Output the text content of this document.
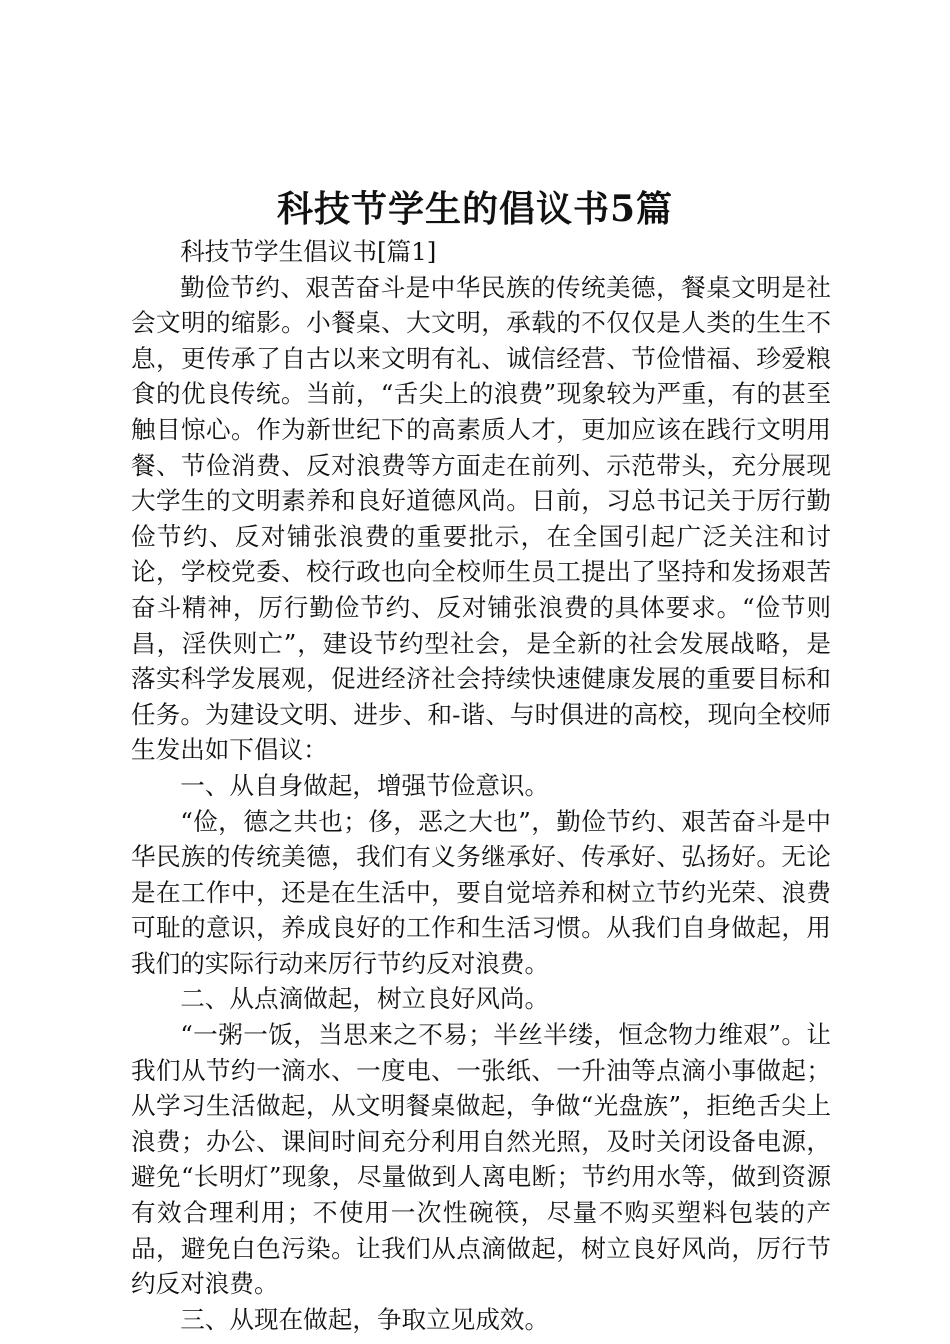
科技节学生的倡议书5篇

科技节学生倡议书[篇1]

勤俭节约、艰苦奋斗是中华民族的传统美德，餐桌文明是社会文明的缩影。小餐桌、大文明，承载的不仅仅是人类的生生不息，更传承了自古以来文明有礼、诚信经营、节俭惜福、珍爱粮食的优良传统。当前，“舌尖上的浪费”现象较为严重，有的甚至触目惊心。作为新世纪下的高素质人才，更加应该在践行文明用餐、节俭消费、反对浪费等方面走在前列、示范带头，充分展现大学生的文明素养和良好道德风尚。日前，习总书记关于厉行勤俭节约、反对铺张浪费的重要批示，在全国引起广泛关注和讨论，学校党委、校行政也向全校师生员工提出了坚持和发扬艰苦奋斗精神，厉行勤俭节约、反对铺张浪费的具体要求。“俭节则昌，淫佚则亡”，建设节约型社会，是全新的社会发展战略，是落实科学发展观，促进经济社会持续快速健康发展的重要目标和任务。为建设文明、进步、和-谐、与时俱进的高校，现向全校师生发出如下倡议：

一、从自身做起，增强节俭意识。

“俭，德之共也；侈，恶之大也”，勤俭节约、艰苦奋斗是中华民族的传统美德，我们有义务继承好、传承好、弘扬好。无论是在工作中，还是在生活中，要自觉培养和树立节约光荣、浪费可耻的意识，养成良好的工作和生活习惯。从我们自身做起，用我们的实际行动来厉行节约反对浪费。

二、从点滴做起，树立良好风尚。

“一粥一饭，当思来之不易；半丝半缕，恒念物力维艰”。让我们从节约一滴水、一度电、一张纸、一升油等点滴小事做起；从学习生活做起，从文明餐桌做起，争做“光盘族”，拒绝舌尖上浪费；办公、课间时间充分利用自然光照，及时关闭设备电源，避免“长明灯”现象，尽量做到人离电断；节约用水等，做到资源有效合理利用；不使用一次性碗筷，尽量不购买塑料包装的产品，避免白色污染。让我们从点滴做起，树立良好风尚，厉行节约反对浪费。

三、从现在做起，争取立见成效。
